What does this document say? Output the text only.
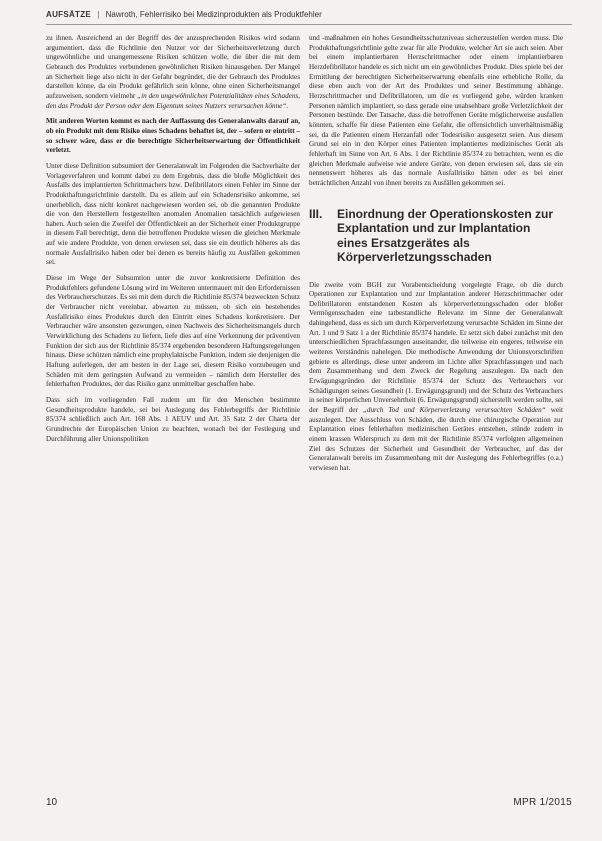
AUFSÄTZE | Nawroth, Fehlerrisiko bei Medizinprodukten als Produktfehler

zu ihnen. Ausreichend an der Begriff des der anzusprechenden Risikos wird sodann argumentiert, dass die Richtlinie den Nutzer vor der Sicherheitsverletzung durch ungewöhnliche und unangemessene Risiken schützen wolle, die über die mit dem Gebrauch des Produktes verbundenen gewöhnlichen Risiken hinausgehen. Der Mangel an Sicherheit liege also nicht in der Gefahr begründet, die der Gebrauch des Produktes darstellen könne, da ein Produkt gefährlich sein könne, ohne einen Sicherheitsmangel aufzuweisen, sondern vielmehr „in den ungewöhnlichen Potenzialitäten eines Schadens, den das Produkt der Person oder dem Eigentum seines Nutzers verursachen könne“.

Mit anderen Worten kommt es nach der Auffassung des Generalanwalts darauf an, ob ein Produkt mit dem Risiko eines Schadens behaftet ist, der – sofern er eintritt – so schwer wäre, dass er die berechtigte Sicherheitserwartung der Öffentlichkeit verletzt.

Unter diese Definition subsumiert der Generalanwalt im Folgenden die Sachverhalte der Vorlageverfahren und kommt dabei zu dem Ergebnis, dass die bloße Möglichkeit des Ausfalls des implantierten Schrittmachers bzw. Defibrillators einen Fehler im Sinne der Produkthaftungsrichtlinie darstellt. Da es allein auf ein Schadensrisiko ankomme, sei unerheblich, dass nicht konkret nachgewiesen worden sei, ob die genannten Produkte die von den Herstellern festgestellten anomalen Anomalien tatsächlich aufgewiesen haben. Auch seien die Zweifel der Öffentlichkeit an der Sicherheit einer Produktgruppe in diesem Fall berechtigt, denn die betroffenen Produkte wiesen die gleichen Merkmale auf wie andere Produkte, von denen erwiesen sei, dass sie ein deutlich höheres als das normale Ausfallrisiko haben oder bei denen es bereits häufig zu Ausfällen gekommen sei.

Diese im Wege der Subsumtion unter die zuvor konkretisierte Definition des Produktfehlers gefundene Lösung wird im Weiteren untermauert mit den Erfordernissen des Verbraucherschutzes. Es sei mit dem durch die Richtlinie 85/374 bezweckten Schutz der Verbraucher nicht vereinbar, abwarten zu müssen, ob sich ein bestehendes Ausfallrisiko eines Produktes durch den Eintritt eines Schadens konkretisiere. Der Verbraucher wäre ansonsten gezwungen, einen Nachweis des Sicherheitsmangels durch Verwirklichung des Schadens zu liefern, liefe dies auf eine Verkennung der präventiven Funktion der sich aus der Richtlinie 85/374 ergebenden besonderen Haftungsregelungen hinaus. Diese schützen nämlich eine prophylaktische Funktion, indem sie denjenigen die Haftung auferlegen, der am besten in der Lage sei, diesem Risiko vorzubeugen und Schäden mit dem geringsten Aufwand zu vermeiden – nämlich dem Hersteller des fehlerhaften Produktes, der das Risiko ganz unmittelbar geschaffen habe.

Dass sich im vorliegenden Fall zudem um für den Menschen bestimmte Gesundheitsprodukte handele, sei bei Auslegung des Fehlerbegriffs der Richtlinie 85/374 schließlich auch Art. 168 Abs. 1 AEUV und Art. 35 Satz 2 der Charta der Grundrechte der Europäischen Union zu beachten, wonach bei der Festlegung und Durchführung aller Unionspolitiken

und -maßnahmen ein hohes Gesundheitsschutzniveau sicherzustellen werden muss. Die Produkthaftungsrichtlinie gelte zwar für alle Produkte, welcher Art sie auch seien. Aber bei einem implantierbaren Herzschrittmacher oder einem implantierbaren Herzdefibrillator handele es sich nicht um ein gewöhnliches Produkt. Dies spiele bei der Ermittlung der berechtigten Sicherheitserwartung ebenfalls eine erhebliche Rolle, da diese eben auch von der Art des Produktes und seiner Bestimmung abhänge. Herzschrittmacher und Defibrillatoren, um die es vorliegend gehe, würden kranken Personen nämlich implantiert, so dass gerade eine unabsehbare große Verletzlichkeit der Personen bestünde. Der Tatsache, dass die betroffenen Geräte möglicherweise ausfallen könnten, schaffe für diese Patienten eine Gefahr, die offensichtlich unverhältnismäßig sei, da die Patienten einem Herzanfall oder Todesrisiko ausgesetzt seien. Aus diesem Grund sei ein in den Körper eines Patienten implantiertes medizinisches Gerät als fehlerhaft im Sinne von Art. 6 Abs. 1 der Richtlinie 85/374 zu betrachten, wenn es die gleichen Merkmale aufweise wie andere Geräte, von denen erwiesen sei, dass sie ein nennenswert höheres als das normale Ausfallrisiko hätten oder es bei einer beträchtlichen Anzahl von ihnen bereits zu Ausfällen gekommen sei.

III.	Einordnung der Operationskosten zur Explantation und zur Implantation eines Ersatzgerätes als Körperverletzungsschaden

Die zweite vom BGH zur Vorabentscheidung vorgelegte Frage, ob die durch Operationen zur Explantation und zur Implantation anderer Herzschrittmacher oder Defibrillatoren entstandenen Kosten als körperverletzungsschaden oder bloßer Vermögensschaden eine tatbestandliche Relevanz im Sinne der Generalanwalt dahingehend, dass es sich um durch Körperverletzung verursachte Schäden im Sinne der Art. 1 und 9 Satz 1 a der Richtlinie 85/374 handele. Er setzt sich dabei zunächst mit den unterschiedlichen Sprachfassungen auseinander, die teilweise ein engeres, teilweise ein weiteres Verständnis nahelegen. Die methodische Anwendung der Unionsvorschriften gebiete es allerdings, diese unter anderem im Lichte aller Sprachfassungen und nach dem Zusammenhang und dem Zweck der Regelung auszulegen. Da nach den Erwägungsgründen der Richtlinie 85/374 der Schutz des Verbrauchers vor Schädigungen seines Gesundheit (1. Erwägungsgrund) und der Schutz des Verbrauchers in seiner körperlichen Unversehrtheit (6. Erwägungsgrund) sicherstellt werden sollte, sei der Begriff der „durch Tod und Körperverletzung verursachten Schäden“ weit auszulegen. Der Ausschluss von Schäden, die durch eine chirurgische Operation zur Explantation eines fehlerhaften medizinischen Gerätes entstehen, stünde zudem in einem krassen Widerspruch zu dem mit der Richtlinie 85/374 verfolgten allgemeinen Ziel des Schutzes der Sicherheit und Gesundheit der Verbraucher, auf das der Generalanwalt bereits im Zusammenhang mit der Auslegung des Fehlerbegriffes (o.a.) verwiesen hat.

10	MPR 1/2015
